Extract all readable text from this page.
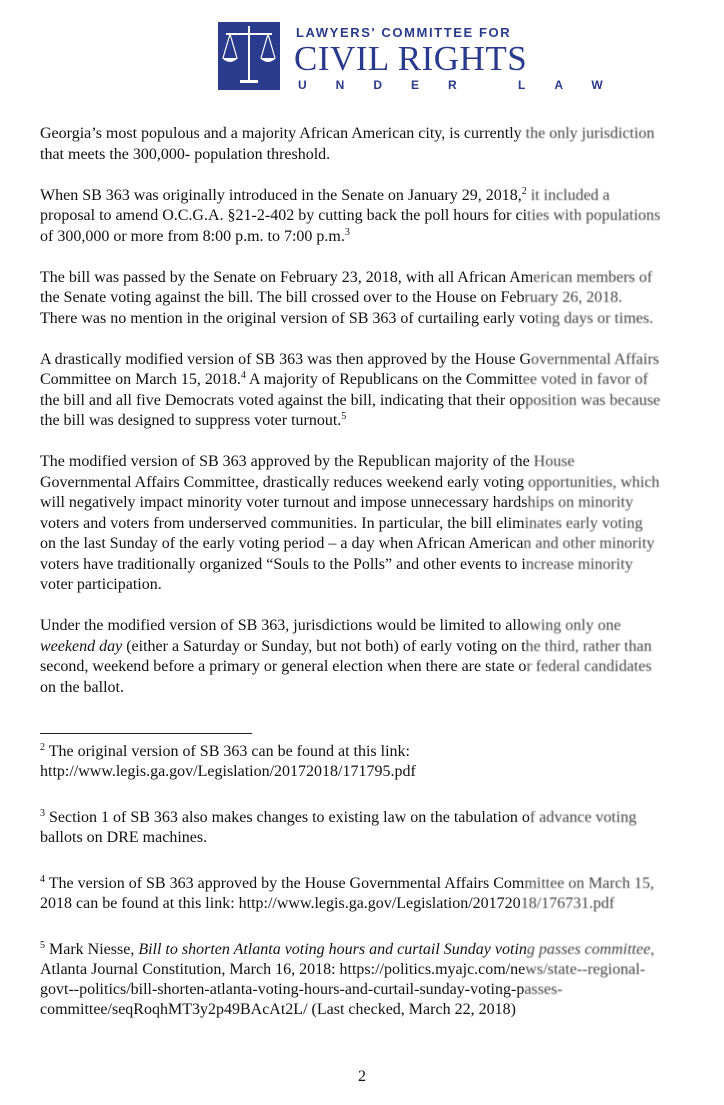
LAWYERS' COMMITTEE FOR
CIVIL RIGHTS
UNDER LAW

Georgia’s most populous and a majority African American city, is currently the only jurisdiction
that meets the 300,000- population threshold.

When SB 363 was originally introduced in the Senate on January 29, 2018,$^2$ it included a
proposal to amend O.C.G.A. §21-2-402 by cutting back the poll hours for cities with populations
of 300,000 or more from 8:00 p.m. to 7:00 p.m.$^3$

The bill was passed by the Senate on February 23, 2018, with all African American members of
the Senate voting against the bill. The bill crossed over to the House on February 26, 2018.
There was no mention in the original version of SB 363 of curtailing early voting days or times.

A drastically modified version of SB 363 was then approved by the House Governmental Affairs
Committee on March 15, 2018.$^4$ A majority of Republicans on the Committee voted in favor of
the bill and all five Democrats voted against the bill, indicating that their opposition was because
the bill was designed to suppress voter turnout.$^5$

The modified version of SB 363 approved by the Republican majority of the House
Governmental Affairs Committee, drastically reduces weekend early voting opportunities, which
will negatively impact minority voter turnout and impose unnecessary hardships on minority
voters and voters from underserved communities. In particular, the bill eliminates early voting
on the last Sunday of the early voting period – a day when African American and other minority
voters have traditionally organized “Souls to the Polls” and other events to increase minority
voter participation.

Under the modified version of SB 363, jurisdictions would be limited to allowing only one
weekend day (either a Saturday or Sunday, but not both) of early voting on the third, rather than
second, weekend before a primary or general election when there are state or federal candidates
on the ballot.

$^2$ The original version of SB 363 can be found at this link:
http://www.legis.ga.gov/Legislation/20172018/171795.pdf

$^3$ Section 1 of SB 363 also makes changes to existing law on the tabulation of advance voting
ballots on DRE machines.

$^4$ The version of SB 363 approved by the House Governmental Affairs Committee on March 15,
2018 can be found at this link: http://www.legis.ga.gov/Legislation/20172018/176731.pdf

$^5$ Mark Niesse, Bill to shorten Atlanta voting hours and curtail Sunday voting passes committee,
Atlanta Journal Constitution, March 16, 2018: https://politics.myajc.com/news/state--regional-
govt--politics/bill-shorten-atlanta-voting-hours-and-curtail-sunday-voting-passes-
committee/seqRoqhMT3y2p49BAcAt2L/ (Last checked, March 22, 2018)

2
